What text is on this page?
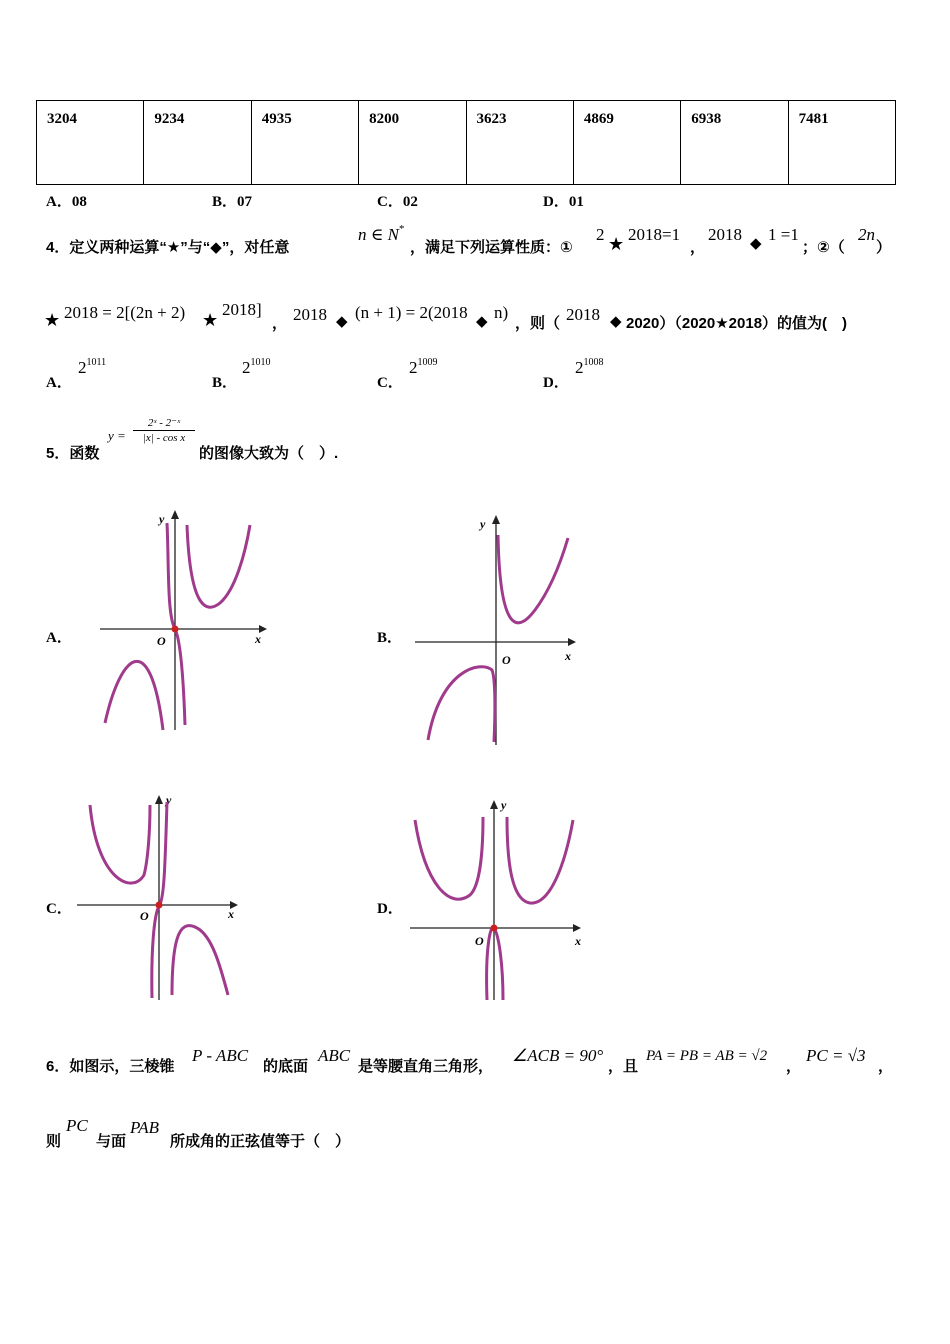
3204	9234	4935	8200	3623	4869	6938	7481
A．08	B．07	C．02	D．01
4．定义两种运算“★”与“◆”，对任意
n ∈ N*
，满足下列运算性质：①
2 ★ 2018=1
，
2018 ◆ 1 =1
；②（
2n
）
★ 2018 = 2[(2n + 2) ★
2018]
， 2018 ◆ (n + 1) = 2(2018 ◆ n)
，则（ 2018 ◆ 2020）（2020★2018）的值为(　)
A．
$2^{1011}$
B．
$2^{1010}$
C．
$2^{1009}$
D．
$2^{1008}$
5．函数
$y = \frac{\text{2ˣ - 2⁻ˣ}}{\text{|x| - cos x}}$
的图像大致为（　）.
A．	B．
C．	D．
x
y
O
x
y
O
x
y
O
x
y
O
6．如图示，三棱锥
P - ABC
的底面
ABC
是等腰直角三角形，
∠ACB = 90°
，且
PA = PB = AB = √2
，
PC = √3
，
则
PC
与面
PAB
所成角的正弦值等于（　）
